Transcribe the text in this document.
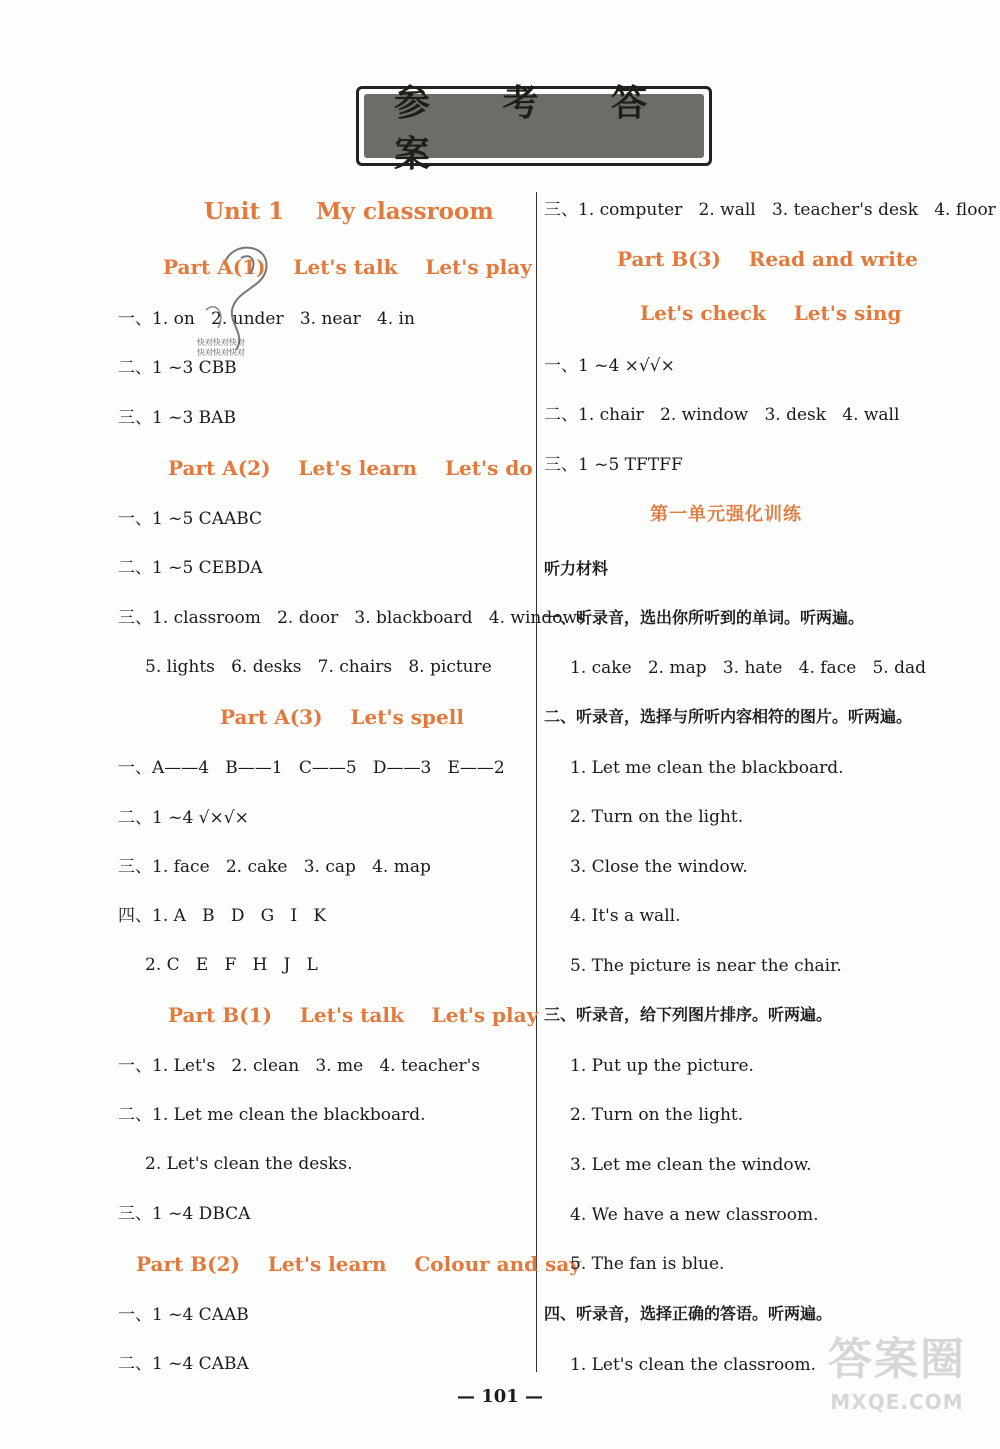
参 考 答 案
Unit 1    My classroom
Part A(1)    Let's talk    Let's play
一、1. on   2. under   3. near   4. in
二、1 ~3 CBB
三、1 ~3 BAB
Part A(2)    Let's learn    Let's do
一、1 ~5 CAABC
二、1 ~5 CEBDA
三、1. classroom   2. door   3. blackboard   4. windows
5. lights   6. desks   7. chairs   8. picture
Part A(3)    Let's spell
一、A——4   B——1   C——5   D——3   E——2
二、1 ~4 √×√×
三、1. face   2. cake   3. cap   4. map
四、1. A   B   D   G   I   K
2. C   E   F   H   J   L
Part B(1)    Let's talk    Let's play
一、1. Let's   2. clean   3. me   4. teacher's
二、1. Let me clean the blackboard.
2. Let's clean the desks.
三、1 ~4 DBCA
Part B(2)    Let's learn    Colour and say
一、1 ~4 CAAB
二、1 ~4 CABA
快对快对快对
快对快对快对
三、1. computer   2. wall   3. teacher's desk   4. floor
Part B(3)    Read and write
Let's check    Let's sing
一、1 ~4 ×√√×
二、1. chair   2. window   3. desk   4. wall
三、1 ~5 TFTFF
第一单元强化训练
听力材料
一、听录音，选出你所听到的单词。听两遍。
1. cake   2. map   3. hate   4. face   5. dad
二、听录音，选择与所听内容相符的图片。听两遍。
1. Let me clean the blackboard.
2. Turn on the light.
3. Close the window.
4. It's a wall.
5. The picture is near the chair.
三、听录音，给下列图片排序。听两遍。
1. Put up the picture.
2. Turn on the light.
3. Let me clean the window.
4. We have a new classroom.
5. The fan is blue.
四、听录音，选择正确的答语。听两遍。
1. Let's clean the classroom.
— 101 —
答案圈
MXQE.COM
